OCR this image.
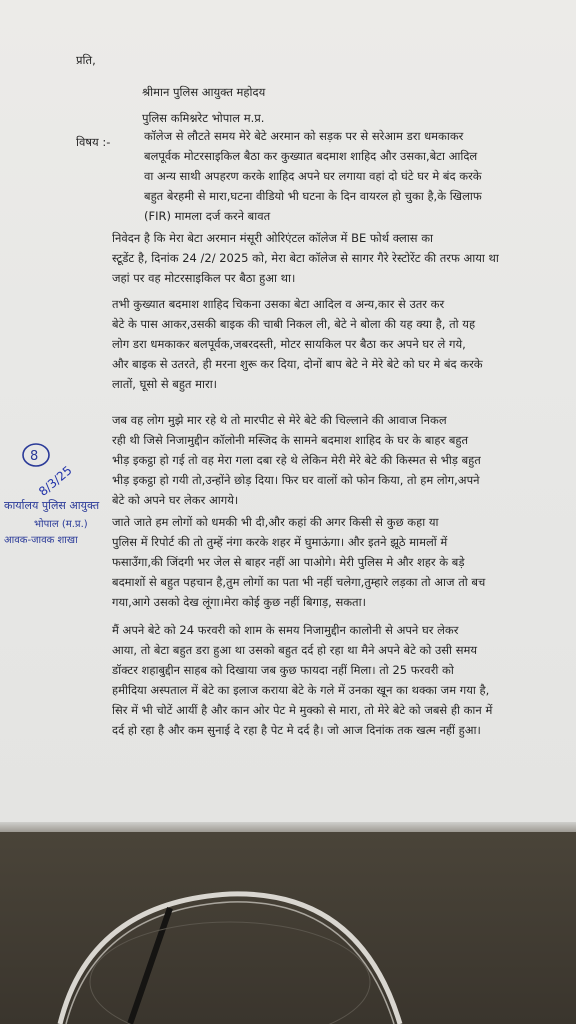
प्रति,
श्रीमान पुलिस आयुक्त महोदय
पुलिस कमिश्नरेट भोपाल म.प्र.
विषय :-	कॉलेज से लौटते समय मेरे बेटे अरमान को सड़क पर से सरेआम डरा धमकाकर
बलपूर्वक मोटरसाइकिल बैठा कर कुख्यात बदमाश शाहिद और उसका,बेटा आदिल
वा अन्य साथी अपहरण करके शाहिद अपने घर लगाया वहां दो घंटे घर मे बंद करके
बहुत बेरहमी से मारा,घटना वीडियो भी घटना के दिन वायरल हो चुका है,के खिलाफ
(FIR) मामला दर्ज करने बावत
निवेदन है कि मेरा बेटा अरमान मंसूरी ओरिएंटल कॉलेज में BE फोर्थ क्लास का
स्टूडेंट है, दिनांक 24 /2/ 2025 को, मेरा बेटा कॉलेज से सागर गैरे रेस्टोरेंट की तरफ आया था
जहां पर वह मोटरसाइकिल पर बैठा हुआ था।
तभी कुख्यात बदमाश शाहिद चिकना उसका बेटा आदिल व अन्य,कार से उतर कर
बेटे के पास आकर,उसकी बाइक की चाबी निकल ली, बेटे ने बोला की यह क्या है, तो यह
लोग डरा धमकाकर बलपूर्वक,जबरदस्ती, मोटर सायकिल पर बैठा कर अपने घर ले गये,
और बाइक से उतरते, ही मरना शुरू कर दिया, दोनों बाप बेटे ने मेरे बेटे को घर मे बंद करके
लातों, घूसो से बहुत मारा।
जब वह लोग मुझे मार रहे थे तो मारपीट से मेरे बेटे की चिल्लाने की आवाज निकल
रही थी जिसे निजामुद्दीन कॉलोनी मस्जिद के सामने बदमाश शाहिद के घर के बाहर बहुत
भीड़ इकट्ठा हो गई तो वह मेरा गला दबा रहे थे लेकिन मेरी मेरे बेटे की किस्मत से भीड़ बहुत
भीड़ इकट्ठा हो गयी तो,उन्होंने छोड़ दिया। फिर घर वालों को फोन किया, तो हम लोग,अपने
बेटे को अपने घर लेकर आगये।
जाते जाते हम लोगों को धमकी भी दी,और कहां की अगर किसी से कुछ कहा या
पुलिस में रिपोर्ट की तो तुम्हें नंगा करके शहर में घुमाऊंगा। और इतने झूठे मामलों में
फसाउँगा,की जिंदगी भर जेल से बाहर नहीं आ पाओगे। मेरी पुलिस मे और शहर के बड़े
बदमाशों से बहुत पहचान है,तुम लोगों का पता भी नहीं चलेगा,तुम्हारे लड़का तो आज तो बच
गया,आगे उसको देख लूंगा।मेरा कोई कुछ नहीं बिगाड़, सकता।
मैं अपने बेटे को 24 फरवरी को शाम के समय निजामुद्दीन कालोनी से अपने घर लेकर
आया, तो बेटा बहुत डरा हुआ था उसको बहुत दर्द हो रहा था मैने अपने बेटे को उसी समय
डॉक्टर शहाबुद्दीन साहब को दिखाया जब कुछ फायदा नहीं मिला। तो 25 फरवरी को
हमीदिया अस्पताल में बेटे का इलाज कराया बेटे के गले में उनका खून का थक्का जम गया है,
सिर में भी चोटें आयीं है और कान ओर पेट मे मुक्को से मारा, तो मेरे बेटे को जबसे ही कान में
दर्द हो रहा है और कम सुनाई दे रहा है पेट मे दर्द है। जो आज दिनांक तक खत्म नहीं हुआ।
8
8/3/25
कार्यालय पुलिस आयुक्त
भोपाल (म.प्र.)
आवक-जावक शाखा
